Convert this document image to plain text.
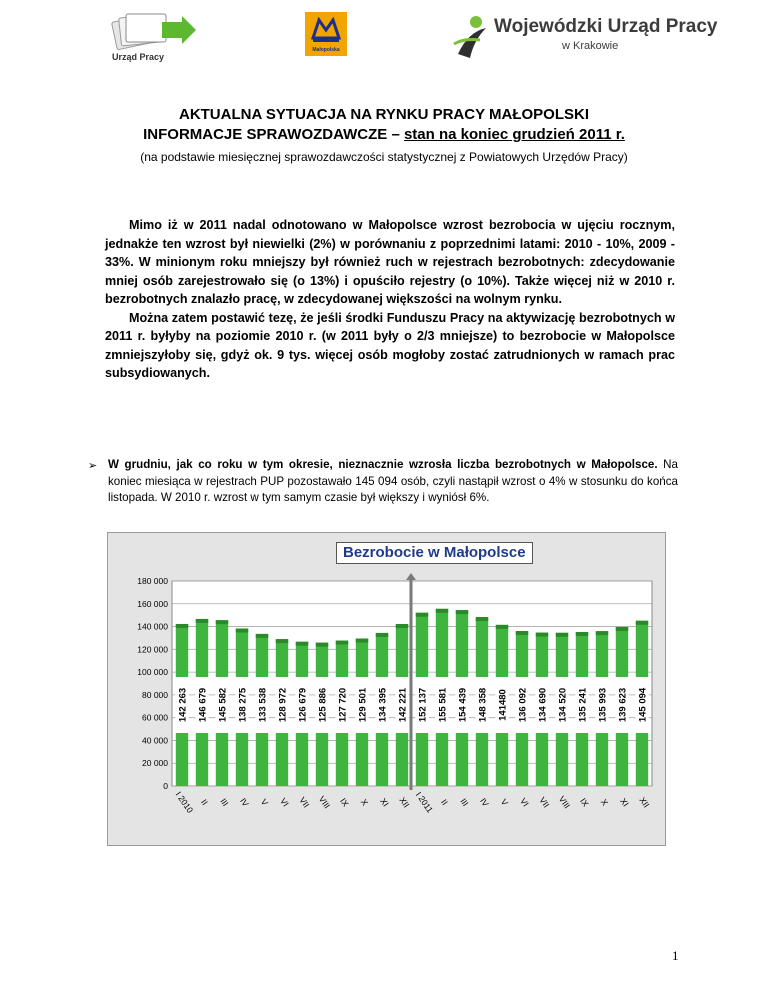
Urząd Pracy
Małopolska
Wojewódzki Urząd Pracy
w Krakowie
AKTUALNA SYTUACJA NA RYNKU PRACY MAŁOPOLSKI
INFORMACJE SPRAWOZDAWCZE – stan na koniec grudzień 2011 r.
(na podstawie miesięcznej sprawozdawczości statystycznej z Powiatowych Urzędów Pracy)

Mimo iż w 2011 nadal odnotowano w Małopolsce wzrost bezrobocia w ujęciu rocznym, jednakże ten wzrost był niewielki (2%) w porównaniu z poprzednimi latami: 2010 - 10%, 2009 - 33%. W minionym roku mniejszy był również ruch w rejestrach bezrobotnych: zdecydowanie mniej osób zarejestrowało się (o 13%) i opuściło rejestry (o 10%). Także więcej niż w 2010 r. bezrobotnych znalazło pracę, w zdecydowanej większości na wolnym rynku.

Można zatem postawić tezę, że jeśli środki Funduszu Pracy na aktywizację bezrobotnych w 2011 r. byłyby na poziomie 2010 r. (w 2011 były o 2/3 mniejsze) to bezrobocie w Małopolsce zmniejszyłoby się, gdyż ok. 9 tys. więcej osób mogłoby zostać zatrudnionych w ramach prac subsydiowanych.

➢ W grudniu, jak co roku w tym okresie, nieznacznie wzrosła liczba bezrobotnych w Małopolsce. Na koniec miesiąca w rejestrach PUP pozostawało 145 094 osób, czyli nastąpił wzrost o 4% w stosunku do końca listopada. W 2010 r. wzrost w tym samym czasie był większy i wyniósł 6%.
0
20 000
40 000
60 000
80 000
100 000
120 000
140 000
160 000
180 000
142 263
I 2010
146 679
II
145 582
III
138 275
IV
133 538
V
128 972
VI
126 679
VII
125 886
VIII
127 720
IX
129 501
X
134 395
XI
142 221
XII
152 137
I 2011
155 581
II
154 439
III
148 358
IV
141480
V
136 092
VI
134 690
VII
134 520
VIII
135 241
IX
135 993
X
139 623
XI
145 094
XII
Bezrobocie w Małopolsce
1
